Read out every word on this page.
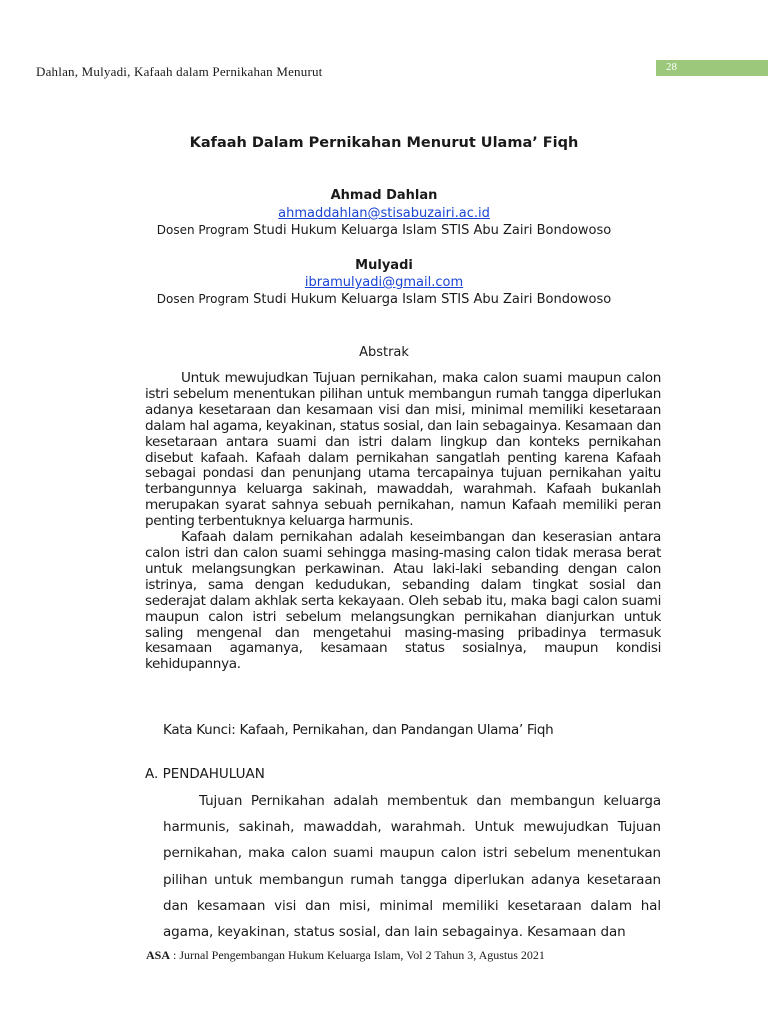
Dahlan, Mulyadi, Kafaah dalam Pernikahan Menurut	28
Kafaah Dalam Pernikahan Menurut Ulama’ Fiqh
Ahmad Dahlan
ahmaddahlan@stisabuzairi.ac.id
Dosen Program Studi Hukum Keluarga Islam STIS Abu Zairi Bondowoso
Mulyadi
ibramulyadi@gmail.com
Dosen Program Studi Hukum Keluarga Islam STIS Abu Zairi Bondowoso
Abstrak

Untuk mewujudkan Tujuan pernikahan, maka calon suami maupun calon istri sebelum menentukan pilihan untuk membangun rumah tangga diperlukan adanya kesetaraan dan kesamaan visi dan misi, minimal memiliki kesetaraan dalam hal agama, keyakinan, status sosial, dan lain sebagainya. Kesamaan dan kesetaraan antara suami dan istri dalam lingkup dan konteks pernikahan disebut kafaah. Kafaah dalam pernikahan sangatlah penting karena Kafaah sebagai pondasi dan penunjang utama tercapainya tujuan pernikahan yaitu terbangunnya keluarga sakinah, mawaddah, warahmah. Kafaah bukanlah merupakan syarat sahnya sebuah pernikahan, namun Kafaah memiliki peran penting terbentuknya keluarga harmunis.

Kafaah dalam pernikahan adalah keseimbangan dan keserasian antara calon istri dan calon suami sehingga masing-masing calon tidak merasa berat untuk melangsungkan perkawinan. Atau laki-laki sebanding dengan calon istrinya, sama dengan kedudukan, sebanding dalam tingkat sosial dan sederajat dalam akhlak serta kekayaan. Oleh sebab itu, maka bagi calon suami maupun calon istri sebelum melangsungkan pernikahan dianjurkan untuk saling mengenal dan mengetahui masing-masing pribadinya termasuk kesamaan agamanya, kesamaan status sosialnya, maupun kondisi kehidupannya.

Kata Kunci: Kafaah, Pernikahan, dan Pandangan Ulama’ Fiqh
A. PENDAHULUAN

Tujuan Pernikahan adalah membentuk dan membangun keluarga harmunis, sakinah, mawaddah, warahmah. Untuk mewujudkan Tujuan pernikahan, maka calon suami maupun calon istri sebelum menentukan pilihan untuk membangun rumah tangga diperlukan adanya kesetaraan dan kesamaan visi dan misi, minimal memiliki kesetaraan dalam hal agama, keyakinan, status sosial, dan lain sebagainya. Kesamaan dan

ASA : Jurnal Pengembangan Hukum Keluarga Islam, Vol 2 Tahun 3, Agustus 2021
